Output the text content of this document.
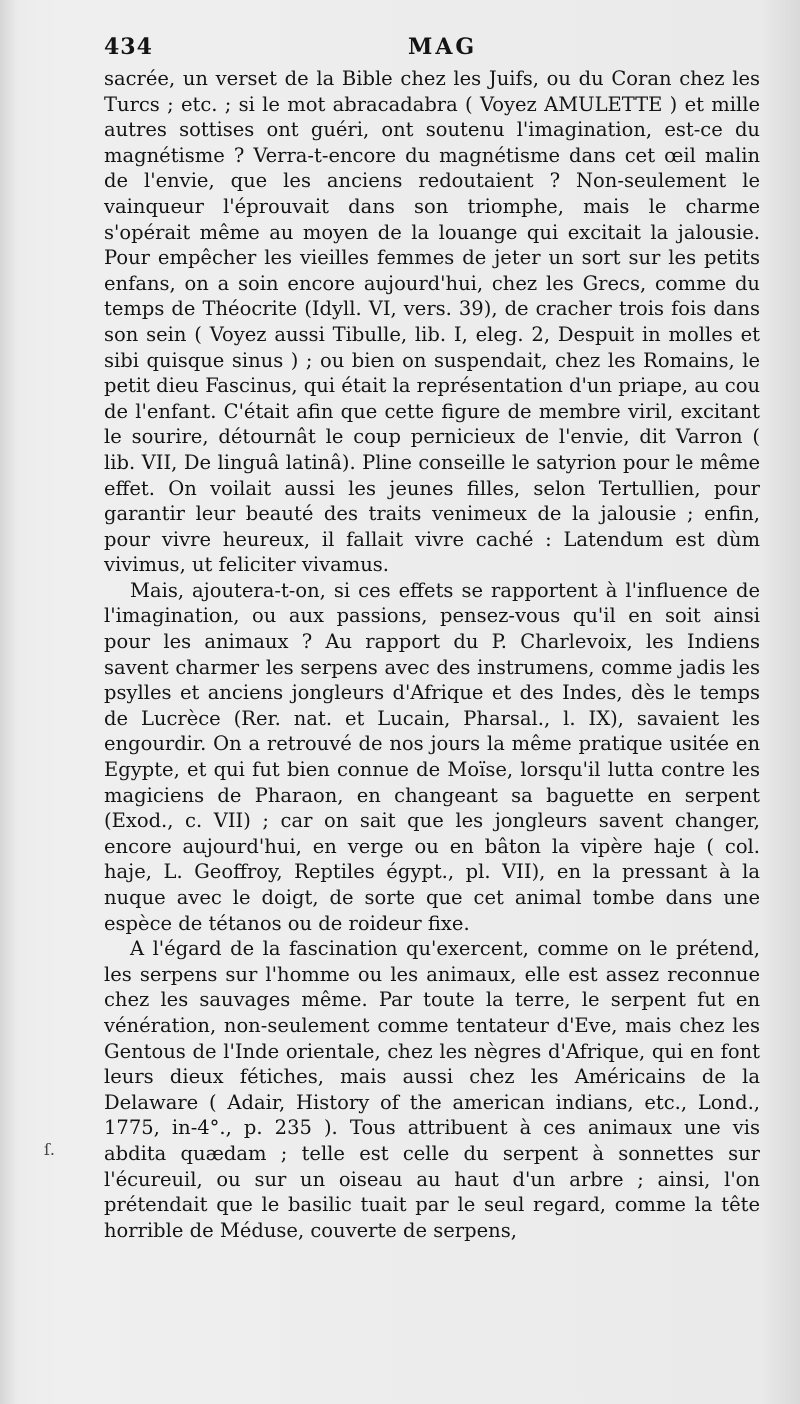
434	MAG
ſ.

sacrée, un verset de la Bible chez les Juifs, ou du Coran chez les Turcs ; etc. ; si le mot abracadabra ( Voyez AMULETTE ) et mille autres sottises ont guéri, ont soutenu l'imagination, est-ce du magnétisme ? Verra-t-encore du magnétisme dans cet œil malin de l'envie, que les anciens redoutaient ? Non-seulement le vainqueur l'éprouvait dans son triomphe, mais le charme s'opérait même au moyen de la louange qui excitait la jalousie. Pour empêcher les vieilles femmes de jeter un sort sur les petits enfans, on a soin encore aujourd'hui, chez les Grecs, comme du temps de Théocrite (Idyll. VI, vers. 39), de cracher trois fois dans son sein ( Voyez aussi Tibulle, lib. I, eleg. 2, Despuit in molles et sibi quisque sinus ) ; ou bien on suspendait, chez les Romains, le petit dieu Fascinus, qui était la représentation d'un priape, au cou de l'enfant. C'était afin que cette figure de membre viril, excitant le sourire, détournât le coup pernicieux de l'envie, dit Varron ( lib. VII, De linguâ latinâ). Pline conseille le satyrion pour le même effet. On voilait aussi les jeunes filles, selon Tertullien, pour garantir leur beauté des traits venimeux de la jalousie ; enfin, pour vivre heureux, il fallait vivre caché : Latendum est dùm vivimus, ut feliciter vivamus.

Mais, ajoutera-t-on, si ces effets se rapportent à l'influence de l'imagination, ou aux passions, pensez-vous qu'il en soit ainsi pour les animaux ? Au rapport du P. Charlevoix, les Indiens savent charmer les serpens avec des instrumens, comme jadis les psylles et anciens jongleurs d'Afrique et des Indes, dès le temps de Lucrèce (Rer. nat. et Lucain, Pharsal., l. IX), savaient les engourdir. On a retrouvé de nos jours la même pratique usitée en Egypte, et qui fut bien connue de Moïse, lorsqu'il lutta contre les magiciens de Pharaon, en changeant sa baguette en serpent (Exod., c. VII) ; car on sait que les jongleurs savent changer, encore aujourd'hui, en verge ou en bâton la vipère haje ( col. haje, L. Geoffroy, Reptiles égypt., pl. VII), en la pressant à la nuque avec le doigt, de sorte que cet animal tombe dans une espèce de tétanos ou de roideur fixe.

A l'égard de la fascination qu'exercent, comme on le prétend, les serpens sur l'homme ou les animaux, elle est assez reconnue chez les sauvages même. Par toute la terre, le serpent fut en vénération, non-seulement comme tentateur d'Eve, mais chez les Gentous de l'Inde orientale, chez les nègres d'Afrique, qui en font leurs dieux fétiches, mais aussi chez les Américains de la Delaware ( Adair, History of the american indians, etc., Lond., 1775, in-4°., p. 235 ). Tous attribuent à ces animaux une vis abdita quædam ; telle est celle du serpent à sonnettes sur l'écureuil, ou sur un oiseau au haut d'un arbre ; ainsi, l'on prétendait que le basilic tuait par le seul regard, comme la tête horrible de Méduse, couverte de serpens,
